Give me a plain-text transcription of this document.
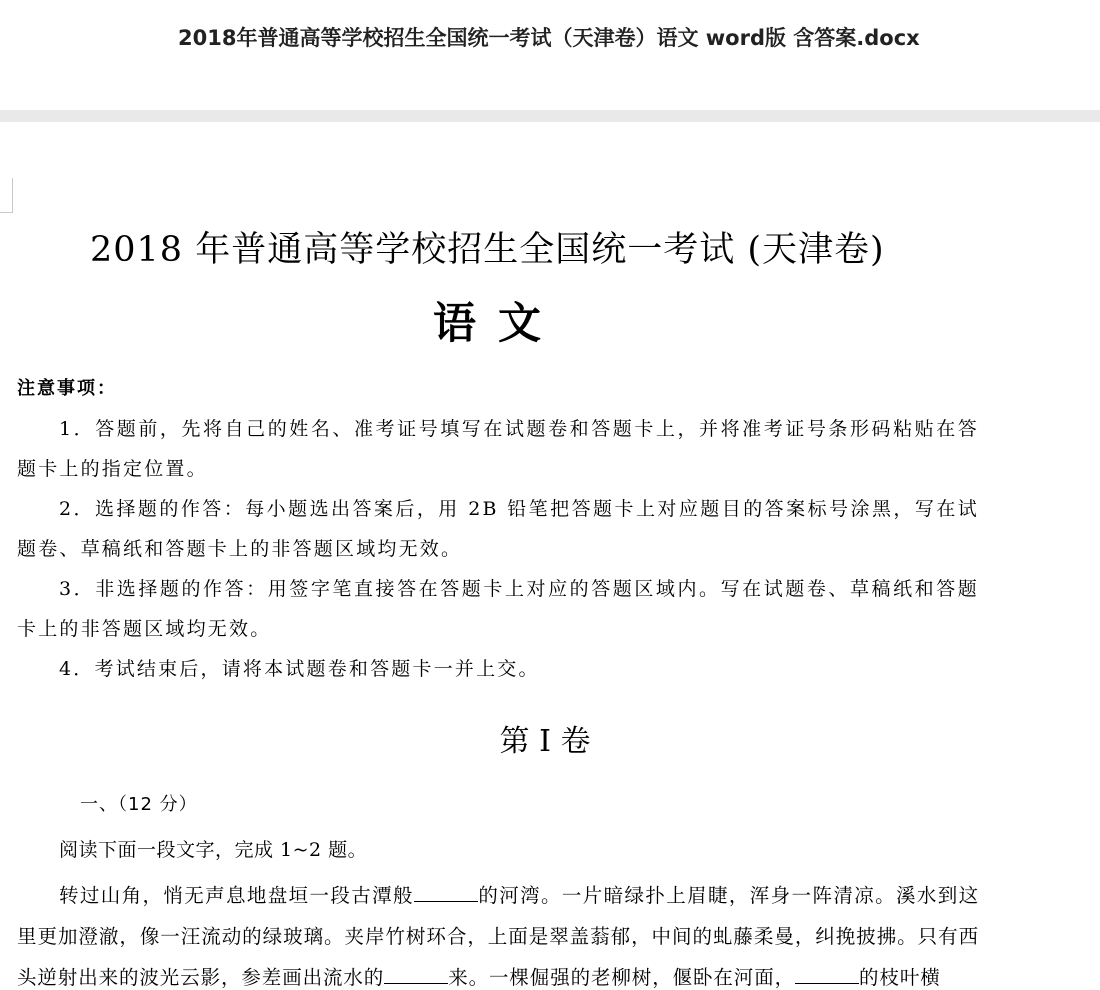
2018年普通高等学校招生全国统一考试（天津卷）语文 word版 含答案.docx
2018 年普通高等学校招生全国统一考试 (天津卷)
语文
注意事项：

1．答题前，先将自己的姓名、准考证号填写在试题卷和答题卡上，并将准考证号条形码粘贴在答题卡上的指定位置。

2．选择题的作答：每小题选出答案后，用 2B 铅笔把答题卡上对应题目的答案标号涂黑，写在试题卷、草稿纸和答题卡上的非答题区域均无效。

3．非选择题的作答：用签字笔直接答在答题卡上对应的答题区域内。写在试题卷、草稿纸和答题卡上的非答题区域均无效。

4．考试结束后，请将本试题卷和答题卡一并上交。

第 I 卷
一、（12 分）
阅读下面一段文字，完成 1~2 题。

转过山角，悄无声息地盘垣一段古潭般	的河湾。一片暗绿扑上眉睫，浑身一阵清凉。溪水到这里更加澄澈，像一汪流动的绿玻璃。夹岸竹树环合，上面是翠盖蓊郁，中间的虬藤柔曼，纠挽披拂。只有西头逆射出来的波光云影，参差画出流水的	来。一棵倔强的老柳树，偃卧在河面，	的枝叶横
